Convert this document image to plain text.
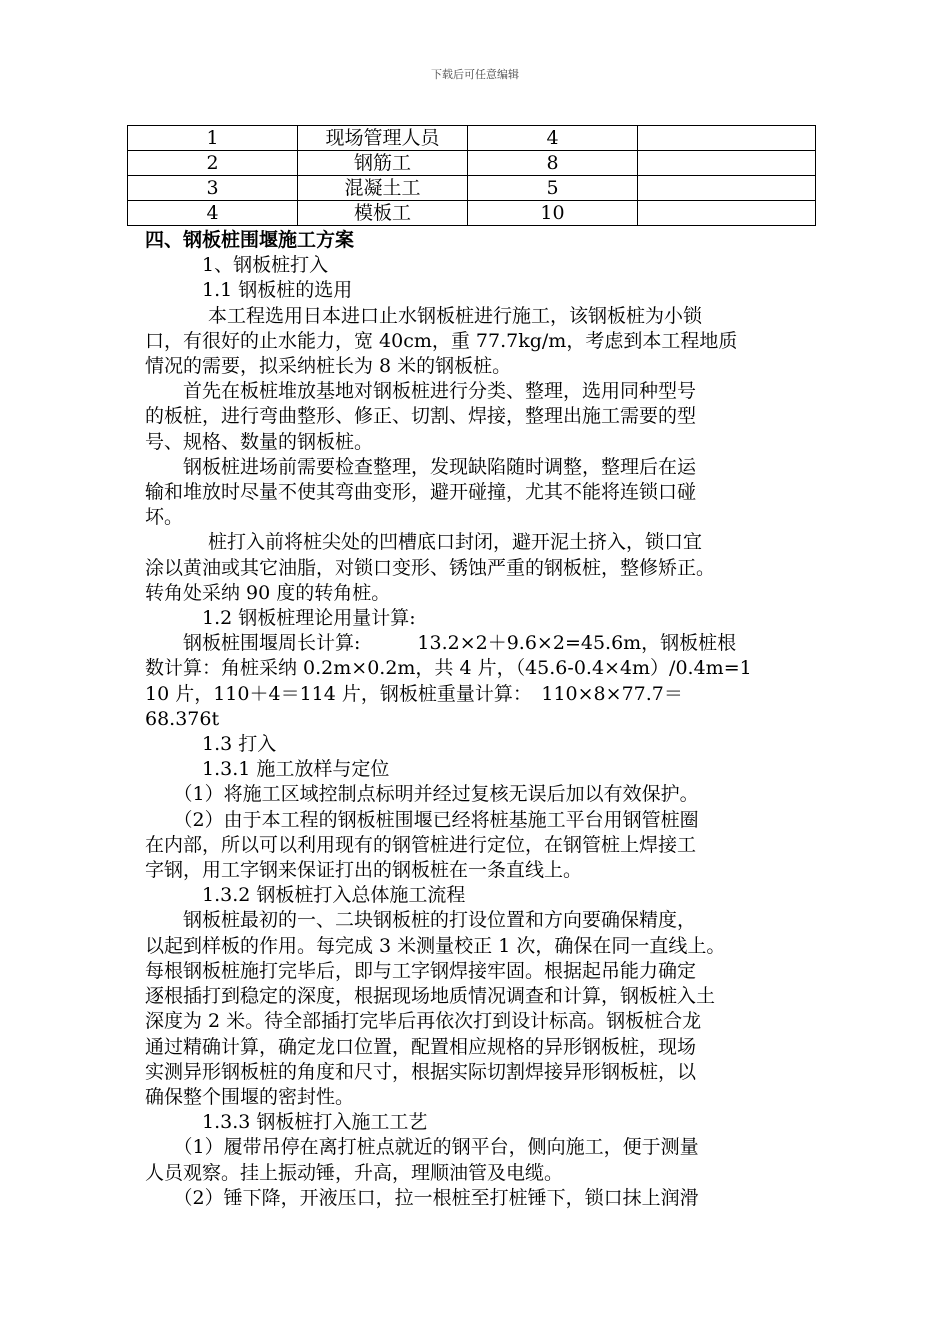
下载后可任意编辑
1	现场管理人员	4	
2	钢筋工	8	
3	混凝土工	5	
4	模板工	10	
四、钢板桩围堰施工方案
　　　1、钢板桩打入
　　　1.1 钢板桩的选用
　　　 本工程选用日本进口止水钢板桩进行施工，该钢板桩为小锁
口，有很好的止水能力，宽 40cm，重 77.7kg/m，考虑到本工程地质
情况的需要，拟采纳桩长为 8 米的钢板桩。
　　首先在板桩堆放基地对钢板桩进行分类、整理，选用同种型号
的板桩，进行弯曲整形、修正、切割、焊接，整理出施工需要的型
号、规格、数量的钢板桩。
　　钢板桩进场前需要检查整理，发现缺陷随时调整，整理后在运
输和堆放时尽量不使其弯曲变形，避开碰撞，尤其不能将连锁口碰
坏。
　　　 桩打入前将桩尖处的凹槽底口封闭，避开泥土挤入，锁口宜
涂以黄油或其它油脂，对锁口变形、锈蚀严重的钢板桩，整修矫正。
转角处采纳 90 度的转角桩。
　　　1.2 钢板桩理论用量计算:
　　钢板桩围堰周长计算:　　　13.2×2＋9.6×2=45.6m，钢板桩根
数计算：角桩采纳 0.2m×0.2m，共 4 片，（45.6-0.4×4m）/0.4m=1
10 片，110＋4＝114 片，钢板桩重量计算：　110×8×77.7＝
68.376t
　　　1.3 打入
　　　1.3.1 施工放样与定位
　　（1）将施工区域控制点标明并经过复核无误后加以有效保护。
　　（2）由于本工程的钢板桩围堰已经将桩基施工平台用钢管桩圈
在内部，所以可以利用现有的钢管桩进行定位，在钢管桩上焊接工
字钢，用工字钢来保证打出的钢板桩在一条直线上。
　　　1.3.2 钢板桩打入总体施工流程
　　钢板桩最初的一、二块钢板桩的打设位置和方向要确保精度，
以起到样板的作用。每完成 3 米测量校正 1 次，确保在同一直线上。
每根钢板桩施打完毕后，即与工字钢焊接牢固。根据起吊能力确定
逐根插打到稳定的深度，根据现场地质情况调查和计算，钢板桩入土
深度为 2 米。待全部插打完毕后再依次打到设计标高。钢板桩合龙
通过精确计算，确定龙口位置，配置相应规格的异形钢板桩，现场
实测异形钢板桩的角度和尺寸，根据实际切割焊接异形钢板桩，以
确保整个围堰的密封性。
　　　1.3.3 钢板桩打入施工工艺
　　（1）履带吊停在离打桩点就近的钢平台，侧向施工，便于测量
人员观察。挂上振动锤，升高，理顺油管及电缆。
　　（2）锤下降，开液压口，拉一根桩至打桩锤下，锁口抹上润滑
